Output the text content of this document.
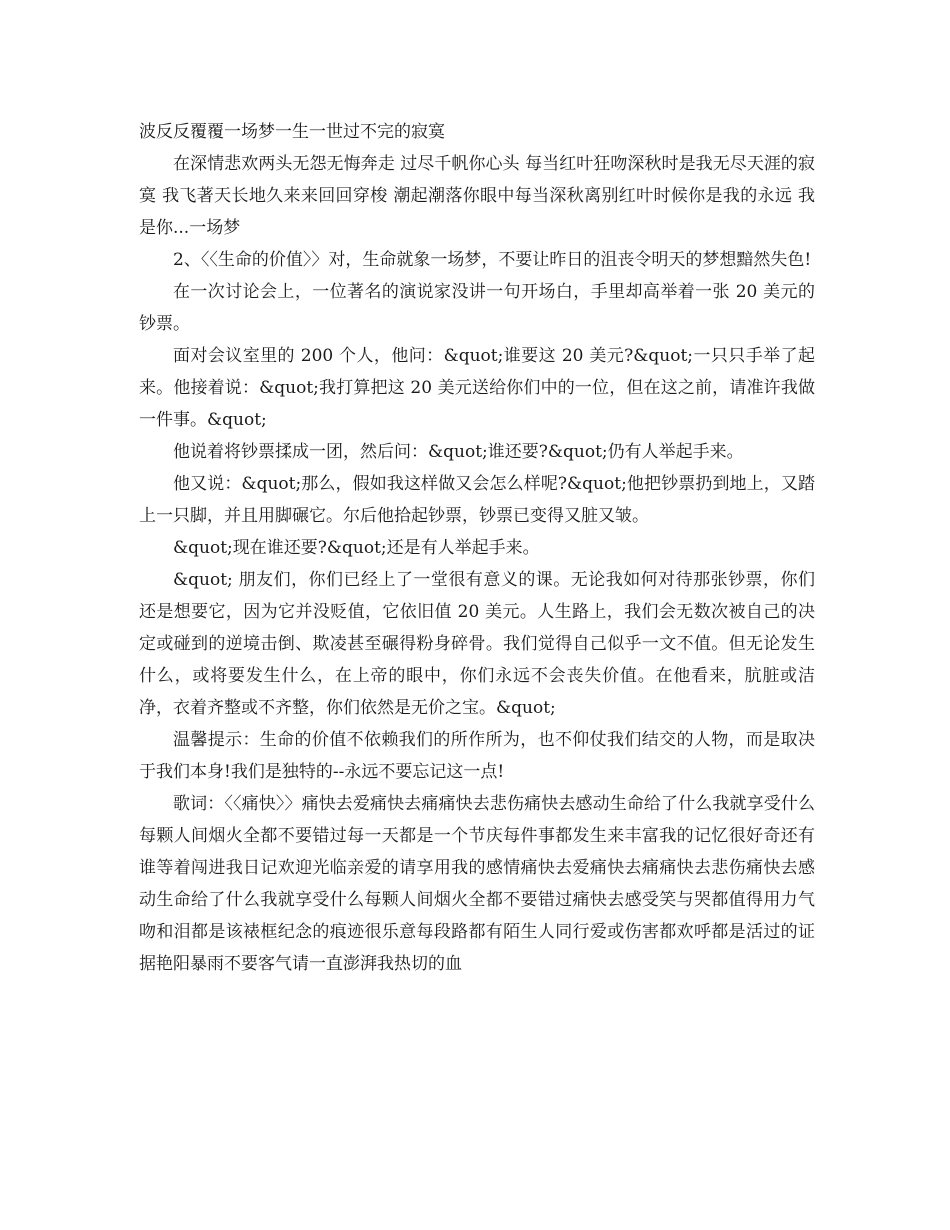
波反反覆覆一场梦一生一世过不完的寂寞

在深情悲欢两头无怨无悔奔走 过尽千帆你心头 每当红叶狂吻深秋时是我无尽天涯的寂寞 我飞著天长地久来来回回穿梭 潮起潮落你眼中每当深秋离别红叶时候你是我的永远 我是你...一场梦

2、〈〈生命的价值〉〉对，生命就象一场梦，不要让昨日的沮丧令明天的梦想黯然失色!

在一次讨论会上，一位著名的演说家没讲一句开场白，手里却高举着一张 20 美元的钞票。

面对会议室里的 200 个人，他问：&quot;谁要这 20 美元?&quot;一只只手举了起来。他接着说：&quot;我打算把这 20 美元送给你们中的一位，但在这之前，请准许我做一件事。&quot;

他说着将钞票揉成一团，然后问：&quot;谁还要?&quot;仍有人举起手来。

他又说：&quot;那么，假如我这样做又会怎么样呢?&quot;他把钞票扔到地上，又踏上一只脚，并且用脚碾它。尔后他拾起钞票，钞票已变得又脏又皱。

&quot;现在谁还要?&quot;还是有人举起手来。

&quot; 朋友们，你们已经上了一堂很有意义的课。无论我如何对待那张钞票，你们还是想要它，因为它并没贬值，它依旧值 20 美元。人生路上，我们会无数次被自己的决定或碰到的逆境击倒、欺凌甚至碾得粉身碎骨。我们觉得自己似乎一文不值。但无论发生什么，或将要发生什么，在上帝的眼中，你们永远不会丧失价值。在他看来，肮脏或洁净，衣着齐整或不齐整，你们依然是无价之宝。&quot;

温馨提示：生命的价值不依赖我们的所作所为，也不仰仗我们结交的人物，而是取决于我们本身!我们是独特的--永远不要忘记这一点!

歌词：〈〈痛快〉〉痛快去爱痛快去痛痛快去悲伤痛快去感动生命给了什么我就享受什么每颗人间烟火全都不要错过每一天都是一个节庆每件事都发生来丰富我的记忆很好奇还有谁等着闯进我日记欢迎光临亲爱的请享用我的感情痛快去爱痛快去痛痛快去悲伤痛快去感动生命给了什么我就享受什么每颗人间烟火全都不要错过痛快去感受笑与哭都值得用力气吻和泪都是该裱框纪念的痕迹很乐意每段路都有陌生人同行爱或伤害都欢呼都是活过的证据艳阳暴雨不要客气请一直澎湃我热切的血
